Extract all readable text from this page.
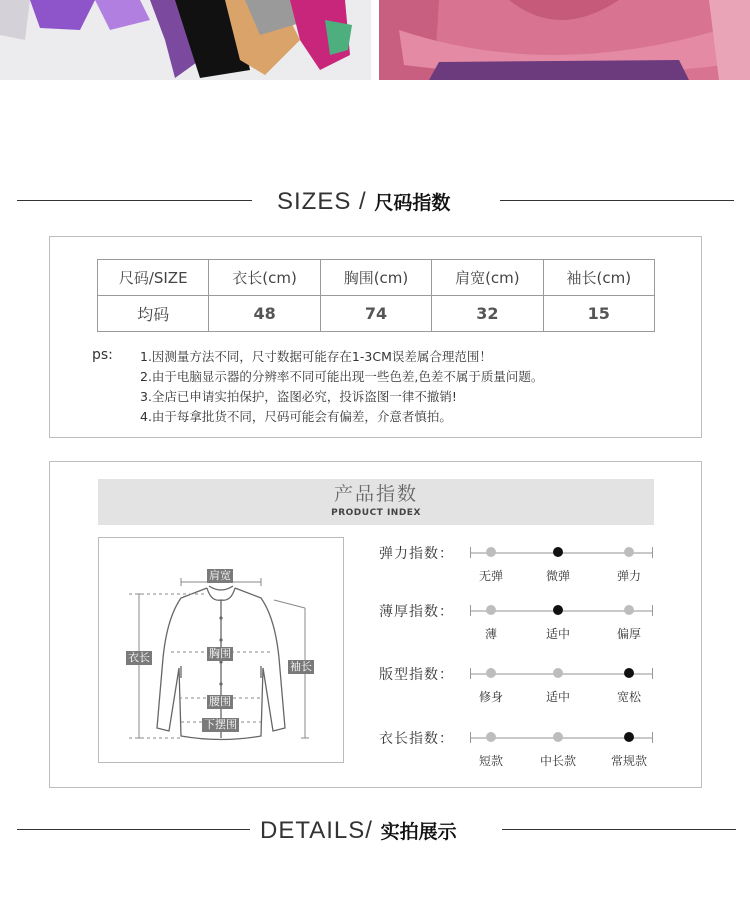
SIZES / 尺码指数
尺码/SIZE	衣长(cm)	胸围(cm)	肩宽(cm)	袖长(cm)
均码	48	74	32	15
ps: 1.因测量方法不同，尺寸数据可能存在1-3CM误差属合理范围！
2.由于电脑显示器的分辨率不同可能出现一些色差,色差不属于质量问题。
3.全店已申请实拍保护，盗图必究，投诉盗图一律不撤销!
4.由于每拿批货不同，尺码可能会有偏差，介意者慎拍。
产品指数
PRODUCT INDEX
肩宽
衣长	胸围
袖长
腰围
下摆围
弹力指数：
无弹	微弹	弹力
薄厚指数：
薄	适中	偏厚
版型指数：
修身	适中	宽松
衣长指数：
短款	中长款	常规款
DETAILS/ 实拍展示
